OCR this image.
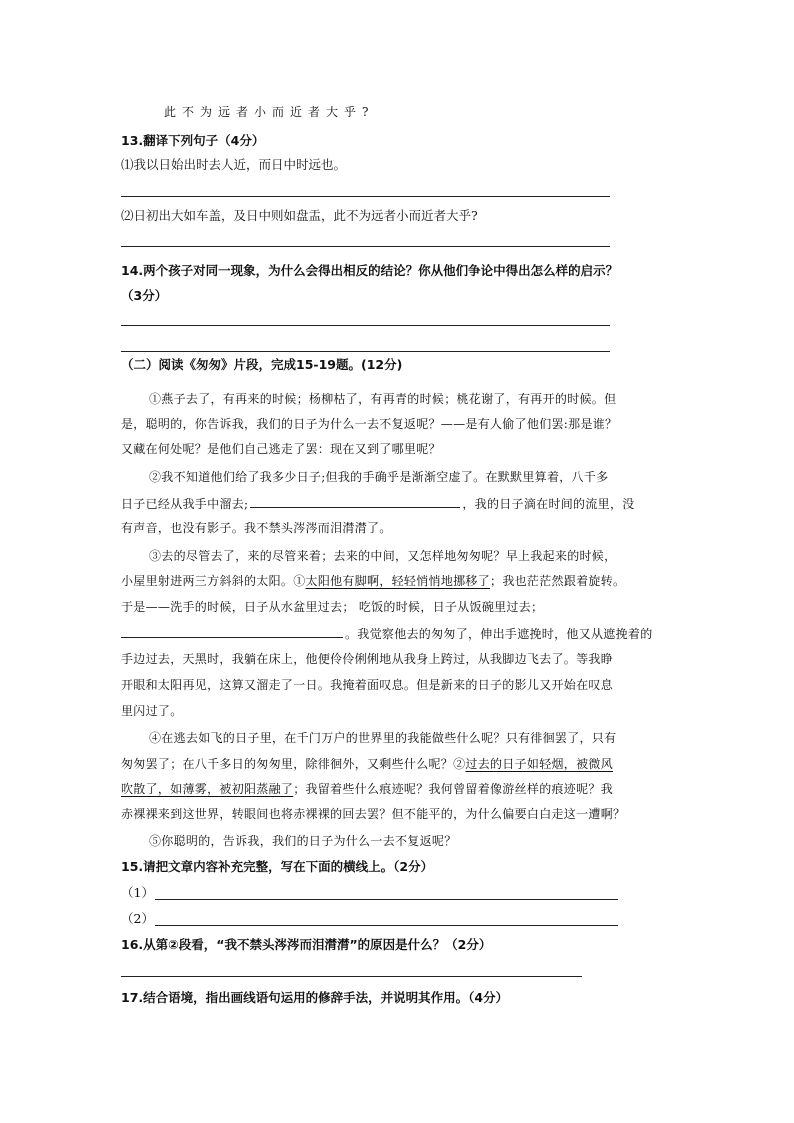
此不为远者小而近者大乎?
13.翻译下列句子（4分）
⑴我以日始出时去人近，而日中时远也。
⑵日初出大如车盖，及日中则如盘盂，此不为远者小而近者大乎?
14.两个孩子对同一现象，为什么会得出相反的结论？你从他们争论中得出怎么样的启示？
（3分）
（二）阅读《匆匆》片段，完成15-19题。(12分)
①燕子去了，有再来的时候；杨柳枯了，有再青的时候；桃花谢了，有再开的时候。但
是，聪明的，你告诉我，我们的日子为什么一去不复返呢？——是有人偷了他们罢:那是谁？
又藏在何处呢？是他们自己逃走了罢：现在又到了哪里呢？
②我不知道他们给了我多少日子;但我的手确乎是渐渐空虚了。在默默里算着，八千多
日子已经从我手中溜去;	，我的日子滴在时间的流里，没
有声音，也没有影子。我不禁头涔涔而泪潸潸了。
③去的尽管去了，来的尽管来着；去来的中间，又怎样地匆匆呢？早上我起来的时候，
小屋里射进两三方斜斜的太阳。①太阳他有脚啊，轻轻悄悄地挪移了；我也茫茫然跟着旋转。
于是——洗手的时候，日子从水盆里过去； 吃饭的时候，日子从饭碗里过去；
。我觉察他去的匆匆了，伸出手遮挽时，他又从遮挽着的
手边过去，天黑时，我躺在床上，他便伶伶俐俐地从我身上跨过，从我脚边飞去了。等我睁
开眼和太阳再见，这算又溜走了一日。我掩着面叹息。但是新来的日子的影儿又开始在叹息
里闪过了。
④在逃去如飞的日子里，在千门万户的世界里的我能做些什么呢？只有徘徊罢了，只有
匆匆罢了；在八千多日的匆匆里，除徘徊外，又剩些什么呢？②过去的日子如轻烟，被微风
吹散了，如薄雾，被初阳蒸融了；我留着些什么痕迹呢？我何曾留着像游丝样的痕迹呢？我
赤裸裸来到这世界，转眼间也将赤裸裸的回去罢？但不能平的，为什么偏要白白走这一遭啊？
⑤你聪明的，告诉我，我们的日子为什么一去不复返呢？
15.请把文章内容补充完整，写在下面的横线上。（2分）
（1）
（2）
16.从第②段看，“我不禁头涔涔而泪潸潸”的原因是什么？（2分）
17.结合语境，指出画线语句运用的修辞手法，并说明其作用。（4分）
